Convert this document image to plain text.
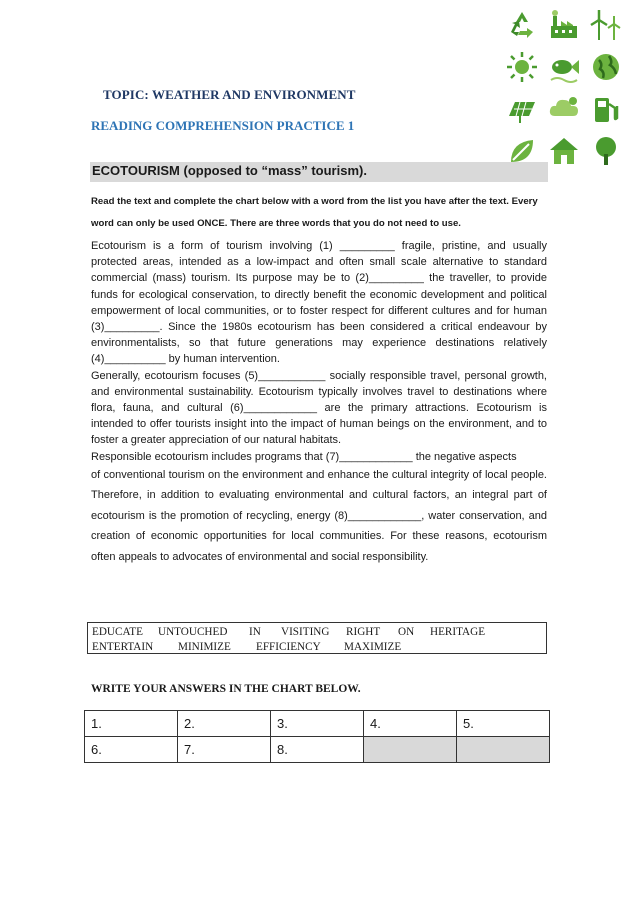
TOPIC: WEATHER AND ENVIRONMENT
READING COMPREHENSION PRACTICE 1
ECOTOURISM (opposed to “mass” tourism).
Read the text and complete the chart below with a word from the list you have after the text. Every word can only be used ONCE. There are three words that you do not need to use.

Ecotourism is a form of tourism involving (1) _________ fragile, pristine, and usually protected areas, intended as a low-impact and often small scale alternative to standard commercial (mass) tourism. Its purpose may be to (2)_________ the traveller, to provide funds for ecological conservation, to directly benefit the economic development and political empowerment of local communities, or to foster respect for different cultures and for human (3)_________. Since the 1980s ecotourism has been considered a critical endeavour by environmentalists, so that future generations may experience destinations relatively (4)__________ by human intervention.

Generally, ecotourism focuses (5)___________ socially responsible travel, personal growth, and environmental sustainability. Ecotourism typically involves travel to destinations where flora, fauna, and cultural (6)____________ are the primary attractions. Ecotourism is intended to offer tourists insight into the impact of human beings on the environment, and to foster a greater appreciation of our natural habitats.

Responsible ecotourism includes programs that (7)____________ the negative aspects

of conventional tourism on the environment and enhance the cultural integrity of local people. Therefore, in addition to evaluating environmental and cultural factors, an integral part of ecotourism is the promotion of recycling, energy (8)____________, water conservation, and creation of economic opportunities for local communities. For these reasons, ecotourism often appeals to advocates of environmental and social responsibility.

EDUCATE	UNTOUCHED	IN	VISITING	RIGHT	ON	HERITAGE
ENTERTAIN	MINIMIZE	EFFICIENCY	MAXIMIZE
WRITE YOUR ANSWERS IN THE CHART BELOW.
1.	2.	3.	4.	5.
6.	7.	8.		
